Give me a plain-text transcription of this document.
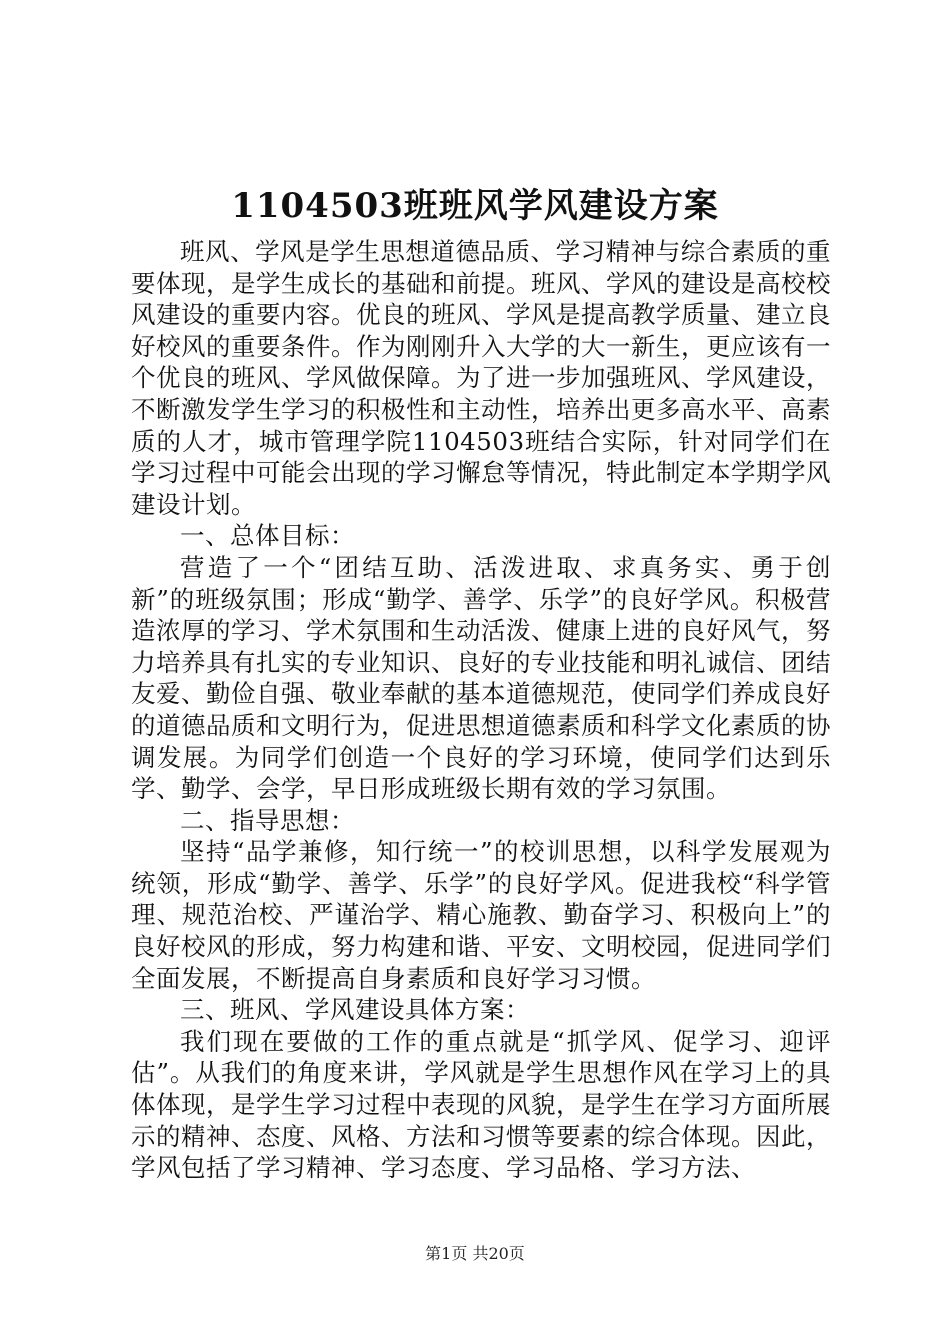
1104503班班风学风建设方案

班风、学风是学生思想道德品质、学习精神与综合素质的重要体现，是学生成长的基础和前提。班风、学风的建设是高校校风建设的重要内容。优良的班风、学风是提高教学质量、建立良好校风的重要条件。作为刚刚升入大学的大一新生，更应该有一个优良的班风、学风做保障。为了进一步加强班风、学风建设，不断激发学生学习的积极性和主动性，培养出更多高水平、高素质的人才，城市管理学院1104503班结合实际，针对同学们在学习过程中可能会出现的学习懈怠等情况，特此制定本学期学风建设计划。

一、总体目标：

营造了一个“团结互助、活泼进取、求真务实、勇于创新”的班级氛围；形成“勤学、善学、乐学”的良好学风。积极营造浓厚的学习、学术氛围和生动活泼、健康上进的良好风气，努力培养具有扎实的专业知识、良好的专业技能和明礼诚信、团结友爱、勤俭自强、敬业奉献的基本道德规范，使同学们养成良好的道德品质和文明行为，促进思想道德素质和科学文化素质的协调发展。为同学们创造一个良好的学习环境，使同学们达到乐学、勤学、会学，早日形成班级长期有效的学习氛围。

二、指导思想：

坚持“品学兼修，知行统一”的校训思想，以科学发展观为统领，形成“勤学、善学、乐学”的良好学风。促进我校“科学管理、规范治校、严谨治学、精心施教、勤奋学习、积极向上”的良好校风的形成，努力构建和谐、平安、文明校园，促进同学们全面发展，不断提高自身素质和良好学习习惯。

三、班风、学风建设具体方案：

我们现在要做的工作的重点就是“抓学风、促学习、迎评估”。从我们的角度来讲，学风就是学生思想作风在学习上的具体体现，是学生学习过程中表现的风貌，是学生在学习方面所展示的精神、态度、风格、方法和习惯等要素的综合体现。因此，学风包括了学习精神、学习态度、学习品格、学习方法、

第1页 共20页
